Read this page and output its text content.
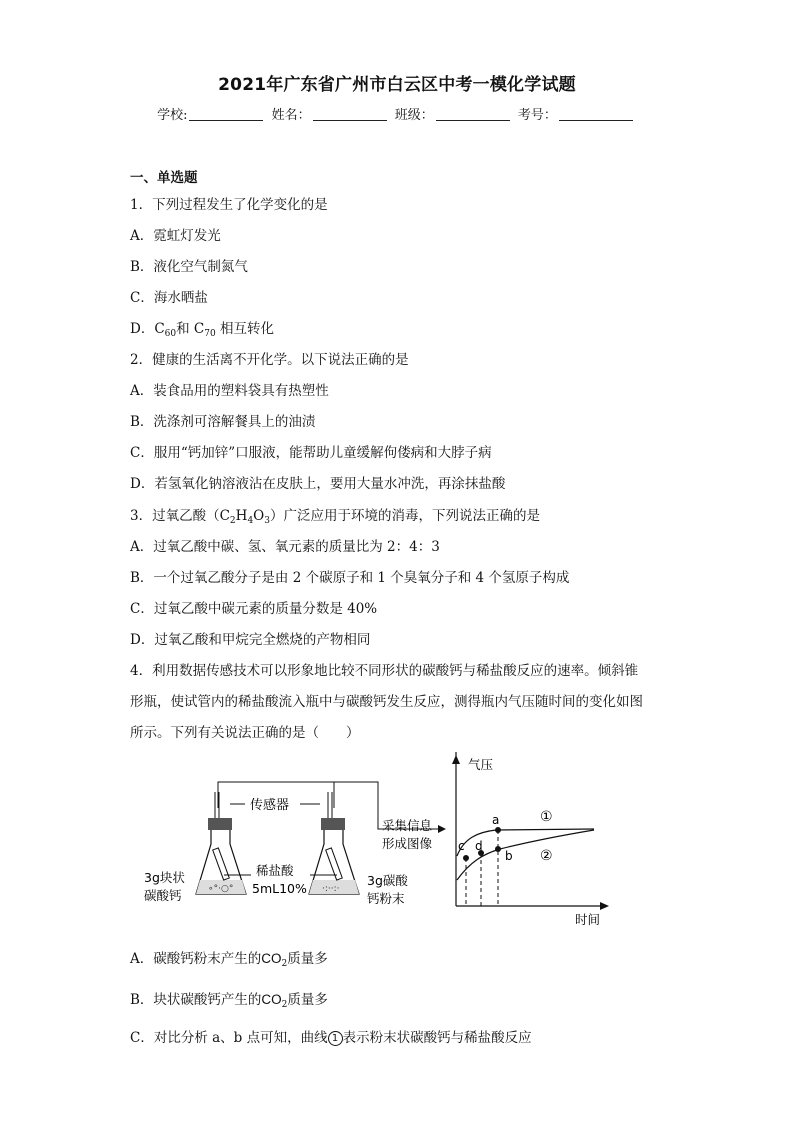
2021年广东省广州市白云区中考一模化学试题
学校:	姓名：	班级：	考号：
一、单选题
1．下列过程发生了化学变化的是
A．霓虹灯发光
B．液化空气制氮气
C．海水晒盐
D．$C_{60}$和 $C_{70}$ 相互转化
2．健康的生活离不开化学。以下说法正确的是
A．装食品用的塑料袋具有热塑性
B．洗涤剂可溶解餐具上的油渍
C．服用“钙加锌”口服液，能帮助儿童缓解佝偻病和大脖子病
D．若氢氧化钠溶液沾在皮肤上，要用大量水冲洗，再涂抹盐酸
3．过氧乙酸$(C_2H_4O_3)$广泛应用于环境的消毒，下列说法正确的是
A．过氧乙酸中碳、氢、氧元素的质量比为 2：4：3
B．一个过氧乙酸分子是由 2 个碳原子和 1 个臭氧分子和 4 个氢原子构成
C．过氧乙酸中碳元素的质量分数是 40%
D．过氧乙酸和甲烷完全燃烧的产物相同
4．利用数据传感技术可以形象地比较不同形状的碳酸钙与稀盐酸反应的速率。倾斜锥
形瓶，使试管内的稀盐酸流入瓶中与碳酸钙发生反应，测得瓶内气压随时间的变化如图
所示。下列有关说法正确的是（　　）
传感器
∘°·○°	·:··:·
3g块状
碳酸钙
稀盐酸
5mL10%
3g碳酸
钙粉末
采集信息
形成图像
气压
时间
a
b
c d
①
②
A．碳酸钙粉末产生的$CO_2$质量多
B．块状碳酸钙产生的$CO_2$质量多
C．对比分析 a、b 点可知，曲线 1 表示粉末状碳酸钙与稀盐酸反应
